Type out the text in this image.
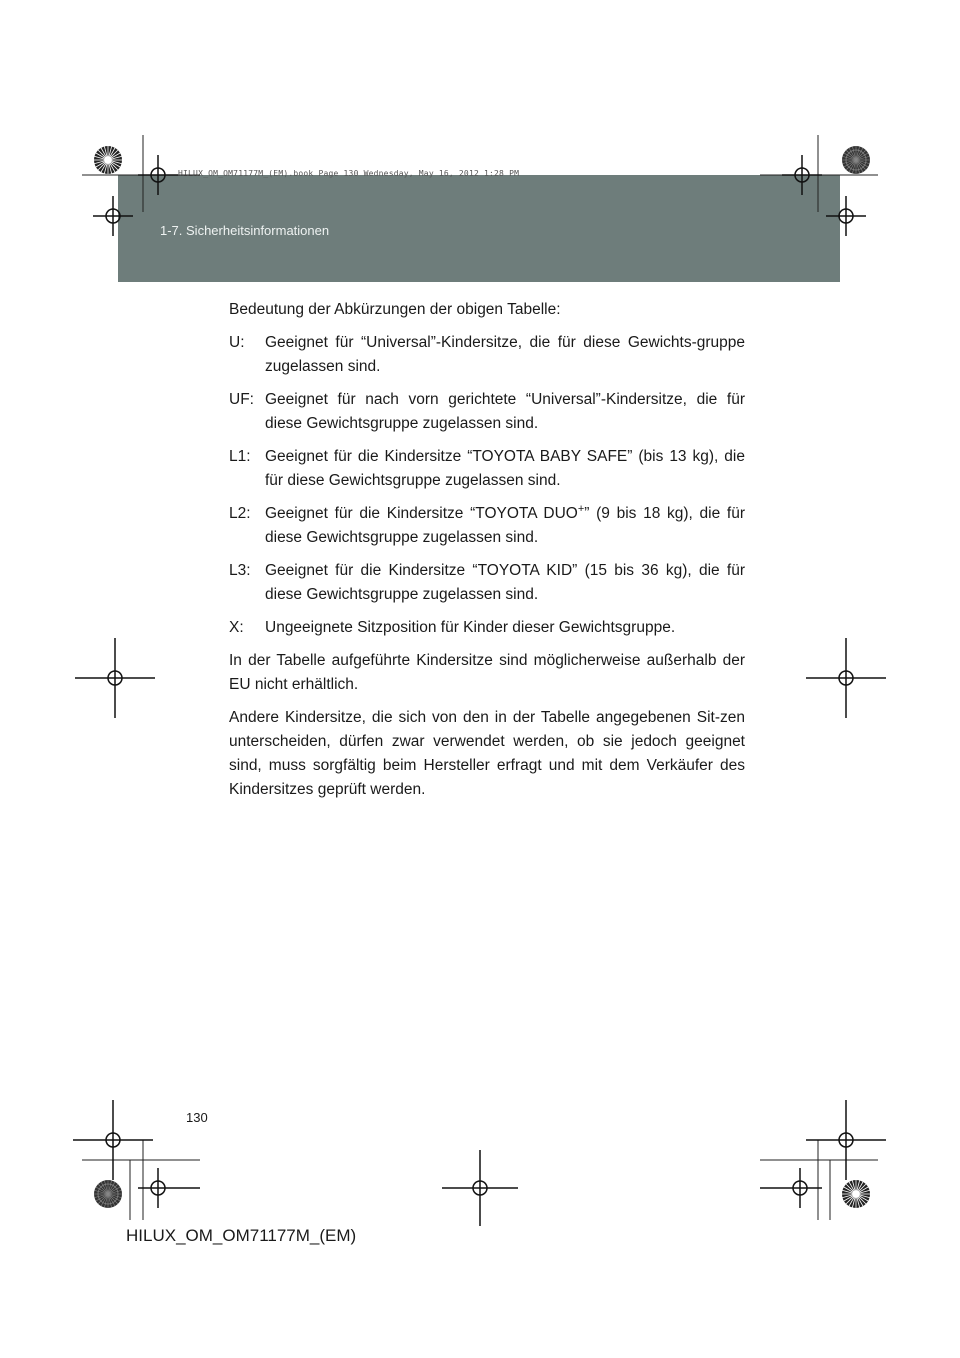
1-7. Sicherheitsinformationen
HILUX_OM_OM71177M_(EM).book Page 130 Wednesday, May 16, 2012 1:28 PM

Bedeutung der Abkürzungen der obigen Tabelle:

U: Geeignet für “Universal”-Kindersitze, die für diese Gewichts-gruppe zugelassen sind.
UF: Geeignet für nach vorn gerichtete “Universal”-Kindersitze, die für diese Gewichtsgruppe zugelassen sind.
L1: Geeignet für die Kindersitze “TOYOTA BABY SAFE” (bis 13 kg), die für diese Gewichtsgruppe zugelassen sind.
L2: Geeignet für die Kindersitze “TOYOTA DUO+” (9 bis 18 kg), die für diese Gewichtsgruppe zugelassen sind.
L3: Geeignet für die Kindersitze “TOYOTA KID” (15 bis 36 kg), die für diese Gewichtsgruppe zugelassen sind.
X: Ungeeignete Sitzposition für Kinder dieser Gewichtsgruppe.

In der Tabelle aufgeführte Kindersitze sind möglicherweise außerhalb der EU nicht erhältlich.

Andere Kindersitze, die sich von den in der Tabelle angegebenen Sit-zen unterscheiden, dürfen zwar verwendet werden, ob sie jedoch geeignet sind, muss sorgfältig beim Hersteller erfragt und mit dem Verkäufer des Kindersitzes geprüft werden.

130
HILUX_OM_OM71177M_(EM)
